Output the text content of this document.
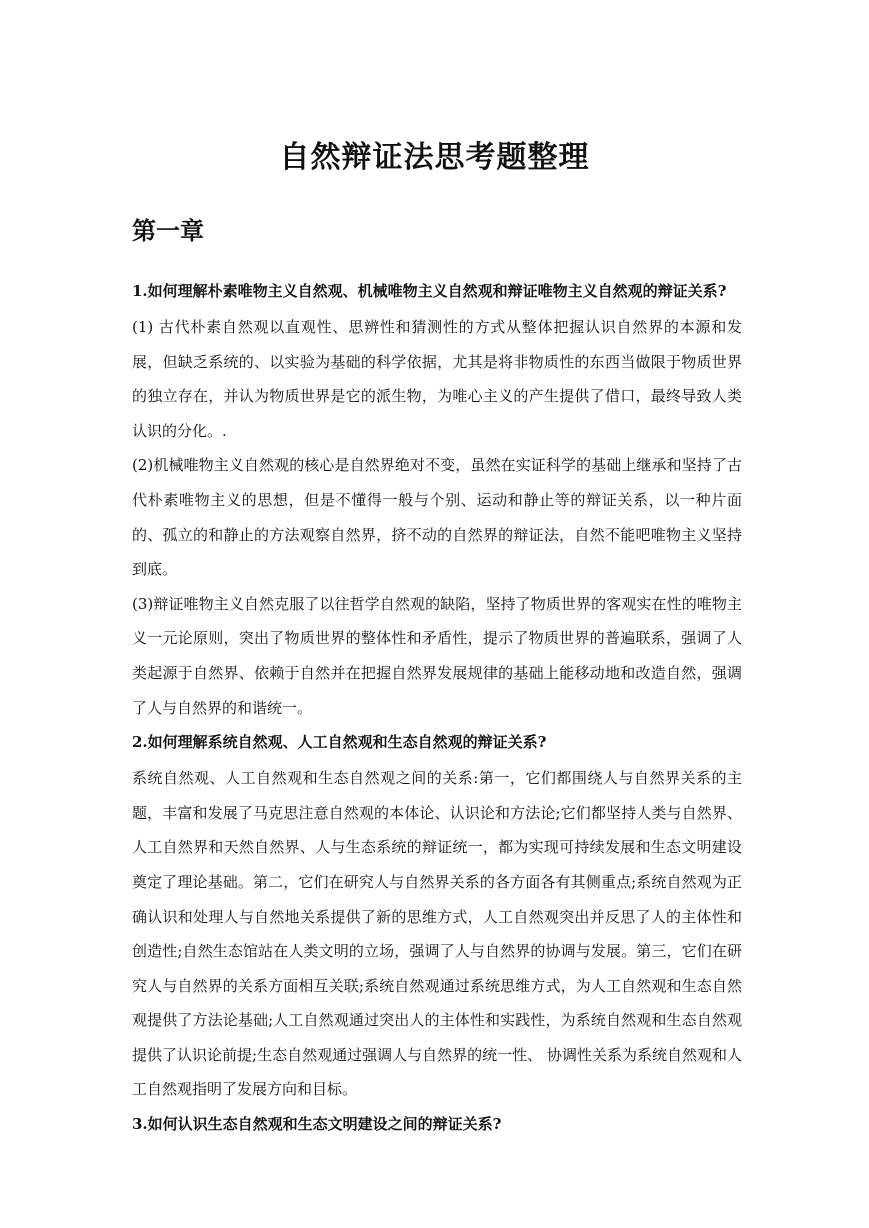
自然辩证法思考题整理
第一章
1.如何理解朴素唯物主义自然观、机械唯物主义自然观和辩证唯物主义自然观的辩证关系?

(1) 古代朴素自然观以直观性、思辨性和猜测性的方式从整体把握认识自然界的本源和发展，但缺乏系统的、以实验为基础的科学依据，尤其是将非物质性的东西当做限于物质世界的独立存在，并认为物质世界是它的派生物，为唯心主义的产生提供了借口，最终导致人类认识的分化。.

(2)机械唯物主义自然观的核心是自然界绝对不变，虽然在实证科学的基础上继承和坚持了古代朴素唯物主义的思想，但是不懂得一般与个别、运动和静止等的辩证关系，以一种片面的、孤立的和静止的方法观察自然界，挤不动的自然界的辩证法，自然不能吧唯物主义坚持到底。

(3)辩证唯物主义自然克服了以往哲学自然观的缺陷，坚持了物质世界的客观实在性的唯物主义一元论原则，突出了物质世界的整体性和矛盾性，提示了物质世界的普遍联系，强调了人类起源于自然界、依赖于自然并在把握自然界发展规律的基础上能移动地和改造自然，强调了人与自然界的和谐统一。

2.如何理解系统自然观、人工自然观和生态自然观的辩证关系?

系统自然观、人工自然观和生态自然观之间的关系:第一，它们都围绕人与自然界关系的主题，丰富和发展了马克思注意自然观的本体论、认识论和方法论;它们都坚持人类与自然界、人工自然界和天然自然界、人与生态系统的辩证统一，都为实现可持续发展和生态文明建设奠定了理论基础。第二，它们在研究人与自然界关系的各方面各有其侧重点;系统自然观为正确认识和处理人与自然地关系提供了新的思维方式，人工自然观突出并反思了人的主体性和创造性;自然生态馆站在人类文明的立场，强调了人与自然界的协调与发展。第三，它们在研究人与自然界的关系方面相互关联;系统自然观通过系统思维方式，为人工自然观和生态自然观提供了方法论基础;人工自然观通过突出人的主体性和实践性，为系统自然观和生态自然观提供了认识论前提;生态自然观通过强调人与自然界的统一性、 协调性关系为系统自然观和人工自然观指明了发展方向和目标。

3.如何认识生态自然观和生态文明建设之间的辩证关系?
